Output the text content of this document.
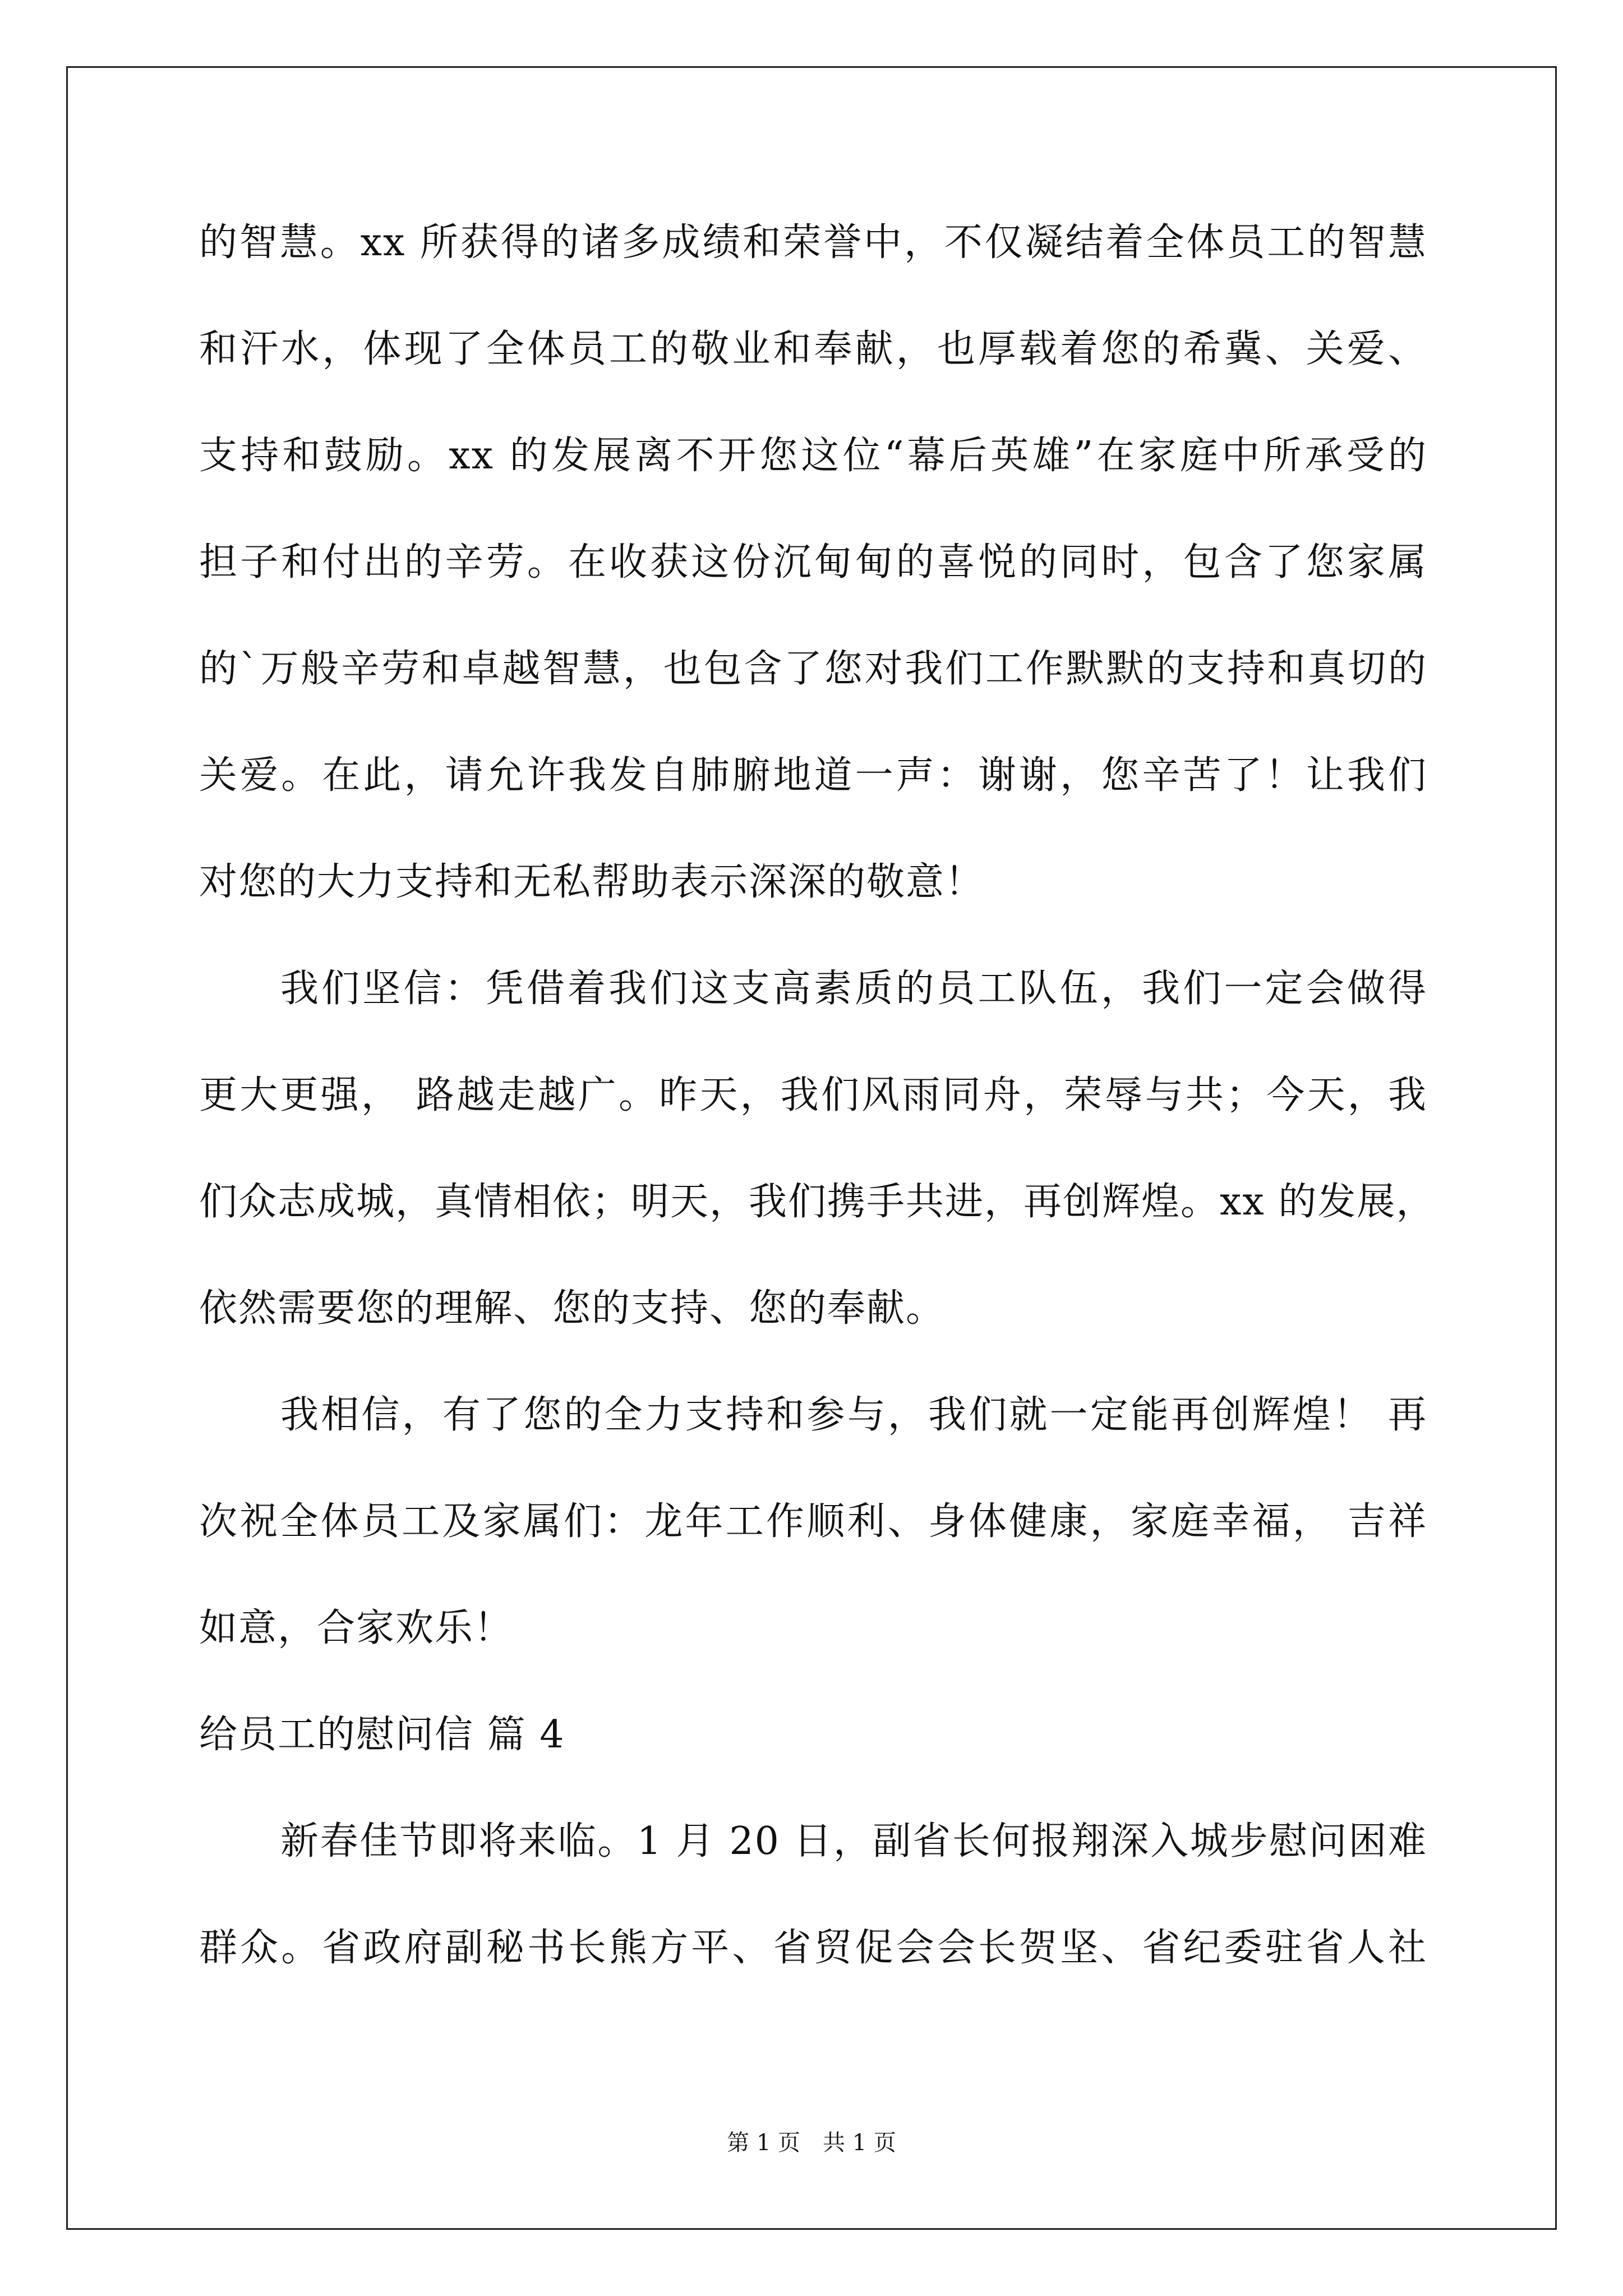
的智慧。xx 所获得的诸多成绩和荣誉中，不仅凝结着全体员工的智慧
和汗水，体现了全体员工的敬业和奉献，也厚载着您的希冀、关爱、
支持和鼓励。xx 的发展离不开您这位“幕后英雄”在家庭中所承受的
担子和付出的辛劳。在收获这份沉甸甸的喜悦的同时，包含了您家属
的`万般辛劳和卓越智慧，也包含了您对我们工作默默的支持和真切的
关爱。在此，请允许我发自肺腑地道一声：谢谢，您辛苦了！让我们
对您的大力支持和无私帮助表示深深的敬意！
我们坚信：凭借着我们这支高素质的员工队伍，我们一定会做得
更大更强， 路越走越广。昨天，我们风雨同舟，荣辱与共；今天，我
们众志成城，真情相依；明天，我们携手共进，再创辉煌。xx 的发展，
依然需要您的理解、您的支持、您的奉献。
我相信，有了您的全力支持和参与，我们就一定能再创辉煌！ 再
次祝全体员工及家属们：龙年工作顺利、身体健康，家庭幸福， 吉祥
如意，合家欢乐！
给员工的慰问信 篇 4
新春佳节即将来临。1 月 20 日，副省长何报翔深入城步慰问困难
群众。省政府副秘书长熊方平、省贸促会会长贺坚、省纪委驻省人社
第 1 页　共 1 页
